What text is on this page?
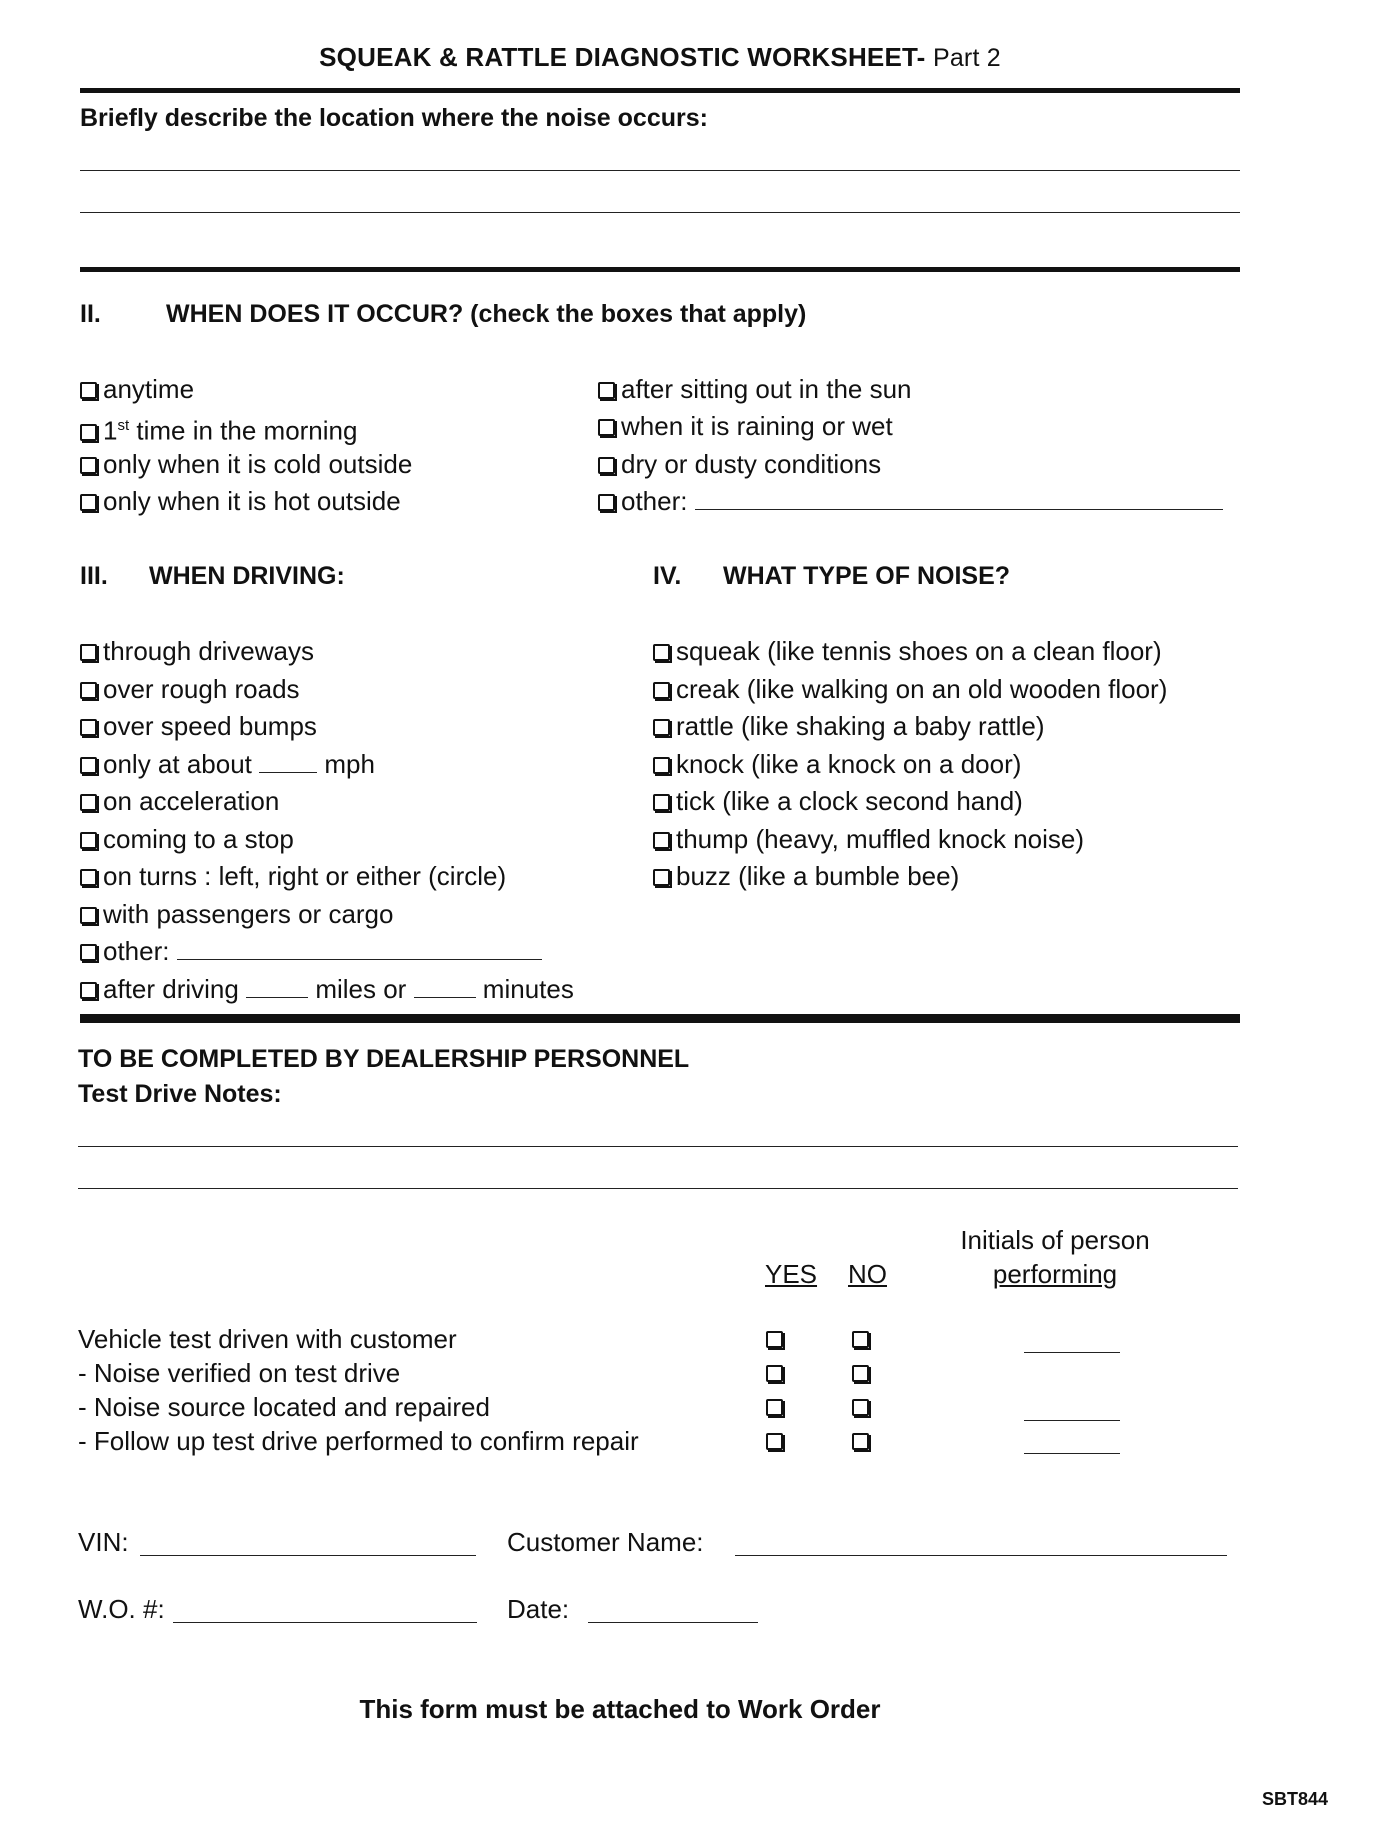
SQUEAK & RATTLE DIAGNOSTIC WORKSHEET- Part 2
Briefly describe the location where the noise occurs:
II.	WHEN DOES IT OCCUR? (check the boxes that apply)
anytime
1st time in the morning
only when it is cold outside
only when it is hot outside
after sitting out in the sun
when it is raining or wet
dry or dusty conditions
other:
III. WHEN DRIVING:
through driveways
over rough roads
over speed bumps
only at about	mph
on acceleration
coming to a stop
on turns : left, right or either (circle)
with passengers or cargo
other:
after driving	miles or	minutes
IV. WHAT TYPE OF NOISE?
squeak (like tennis shoes on a clean floor)
creak (like walking on an old wooden floor)
rattle (like shaking a baby rattle)
knock (like a knock on a door)
tick (like a clock second hand)
thump (heavy, muffled knock noise)
buzz (like a bumble bee)
TO BE COMPLETED BY DEALERSHIP PERSONNEL
Test Drive Notes:
Initials of person
performing
YES NO
Vehicle test driven with customer
- Noise verified on test drive
- Noise source located and repaired
- Follow up test drive performed to confirm repair
VIN:	Customer Name:
W.O. #:	Date:
This form must be attached to Work Order
SBT844
